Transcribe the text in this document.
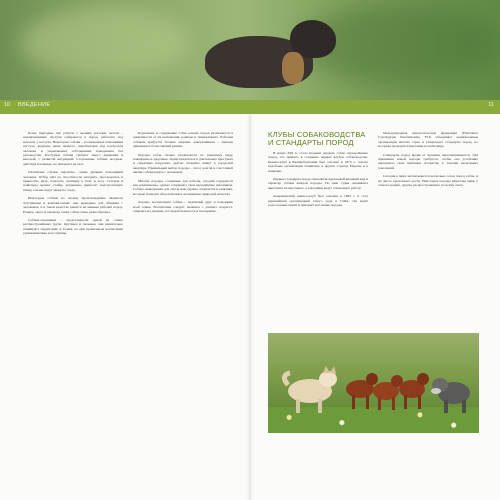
10 ВВЕДЕНИЕ	11

Более пригодны для работы с мелким рогатым скотом – надзирающими; пастухи собираются в пород, работают под началом у пастуха. Некоторые собаки – полноценные помощники пастуха, ведущие лишь немного, вырабатывая под контролем человека и управляемых собственным поведением без руководства. Пастушьи собаки требуют много движения и высокой, с развитой интуицией. Сторожевые собаки, которые, действуя в команде, не нападают на скот.

Охотничьи собаки, вероятно, самые древние помощники человека. Отбор шёл по способности находить, преследовать и приносить дичь, помогать охотнику в поле и лесу. Сеттеры и пойнтеры делают стойку, ретриверы приносят подстреленную птицу, гончие ведут зверя по следу.

Некоторые собаки по своему происхождению являются спутниками и компаньонами: они выведены для общения с человеком, и в таком качестве ценятся не меньше рабочих пород. Размер, окрас и характер таких собак очень разнообразны.

Собаки-охранники – представители одной из самых распространённых групп. Крупные и сильные, они решительно защищают территорию и хозяев, но при правильном воспитании уравновешенны и послушны.

Кормление и содержание собак разных пород различаются в зависимости от их назначения, размера и темперамента. Рабочим собакам требуется больше энергии, декоративным – меньше движения и более мягкий режим.

Породы собак сильно различаются по внешнему виду, поведению и здоровью. Одни нуждаются в длительных прогулках и серьёзных нагрузках, другие спокойно живут в городской квартире. Правильный выбор породы – залог долгой и счастливой жизни собаки рядом с человеком.

Многие породы, созданные для работы, сегодня содержатся как компаньоны, однако сохраняют свои врождённые инстинкты. Собака, выведенная для охоты или охраны, нуждается в занятиях, которые позволят ей реализовать заложенные природой качества.

Хорошо воспитанная собака – надёжный друг и помощник всей семьи. Воспитание следует начинать с раннего возраста, опираясь на доверие, последовательность и поощрение.

КЛУБЫ СОБАКОВОДСТВА И СТАНДАРТЫ ПОРОД

В конце XIX в. стало модным держать собак определённых пород, что привело к созданию первых клубов собаководства. Кеннел-клуб в Великобритании был основан в 1873 г., вскоре подобные организации появились в других странах Европы и в Америке.

Первые стандарты пород описывали идеальный внешний вид и характер собаки каждой породы. По ним судьи оценивают животных на выставках, а заводчики ведут племенную работу.

Американский кеннел-клуб был основан в 1884 г. и стал крупнейшей организацией такого рода в США. Он ведёт родословные книги и признаёт всё новые породы.

Международная кинологическая федерация (Fédération Cynologique Internationale, FCI) объединяет национальные организации многих стран и утверждает стандарты пород, по которым проводятся выставки во всём мире.

Стандарты пород время от времени пересматриваются. Для признания новой породы требуется, чтобы она устойчиво передавала свои признаки потомству в течение нескольких поколений.

Сегодня в мире насчитывается несколько сотен пород собак, и их число продолжает расти. Некоторые породы известны лишь у себя на родине, другие распространились по всему свету.
